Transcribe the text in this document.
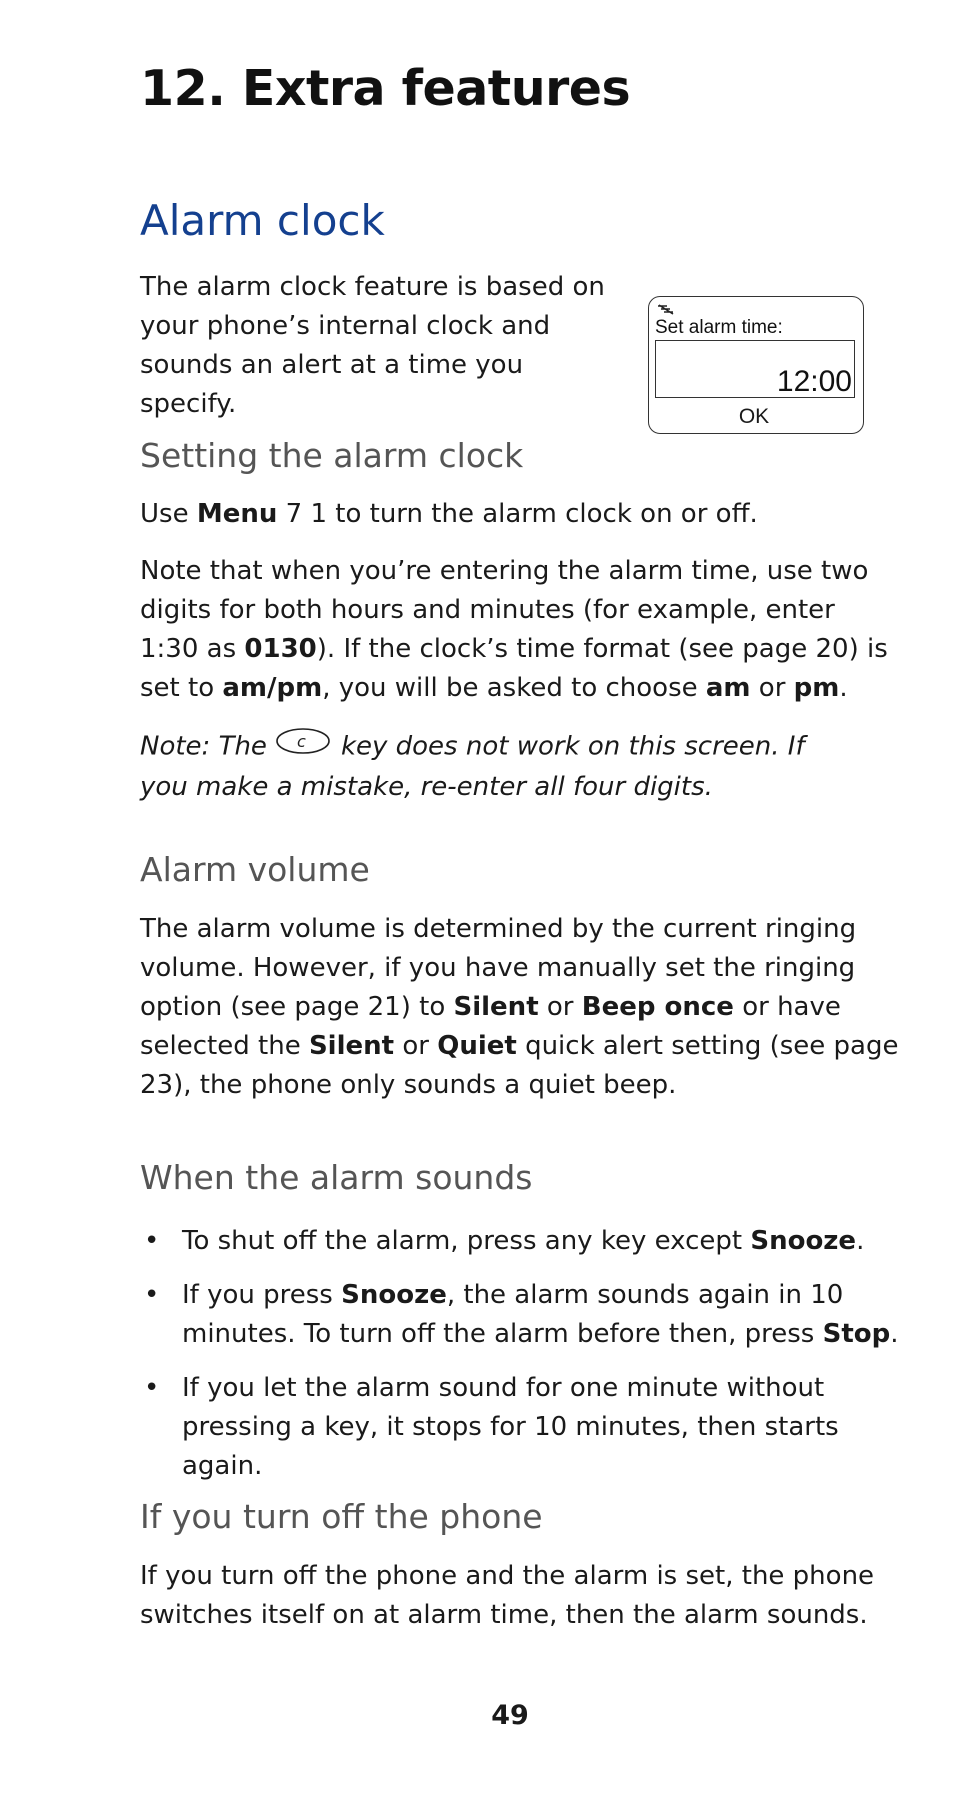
12. Extra features
Alarm clock

The alarm clock feature is based on your phone’s internal clock and sounds an alert at a time you specify.

Set alarm time:
12:00
OK
Setting the alarm clock

Use Menu 7 1 to turn the alarm clock on or off.

Note that when you’re entering the alarm time, use two digits for both hours and minutes (for example, enter 1:30 as 0130). If the clock’s time format (see page 20) is set to am/pm, you will be asked to choose am or pm.

Note: The c key does not work on this screen. If you make a mistake, re-enter all four digits.

Alarm volume

The alarm volume is determined by the current ringing volume. However, if you have manually set the ringing option (see page 21) to Silent or Beep once or have selected the Silent or Quiet quick alert setting (see page 23), the phone only sounds a quiet beep.

When the alarm sounds
• To shut off the alarm, press any key except Snooze.
• If you press Snooze, the alarm sounds again in 10 minutes. To turn off the alarm before then, press Stop.
• If you let the alarm sound for one minute without pressing a key, it stops for 10 minutes, then starts again.
If you turn off the phone

If you turn off the phone and the alarm is set, the phone switches itself on at alarm time, then the alarm sounds.

49
